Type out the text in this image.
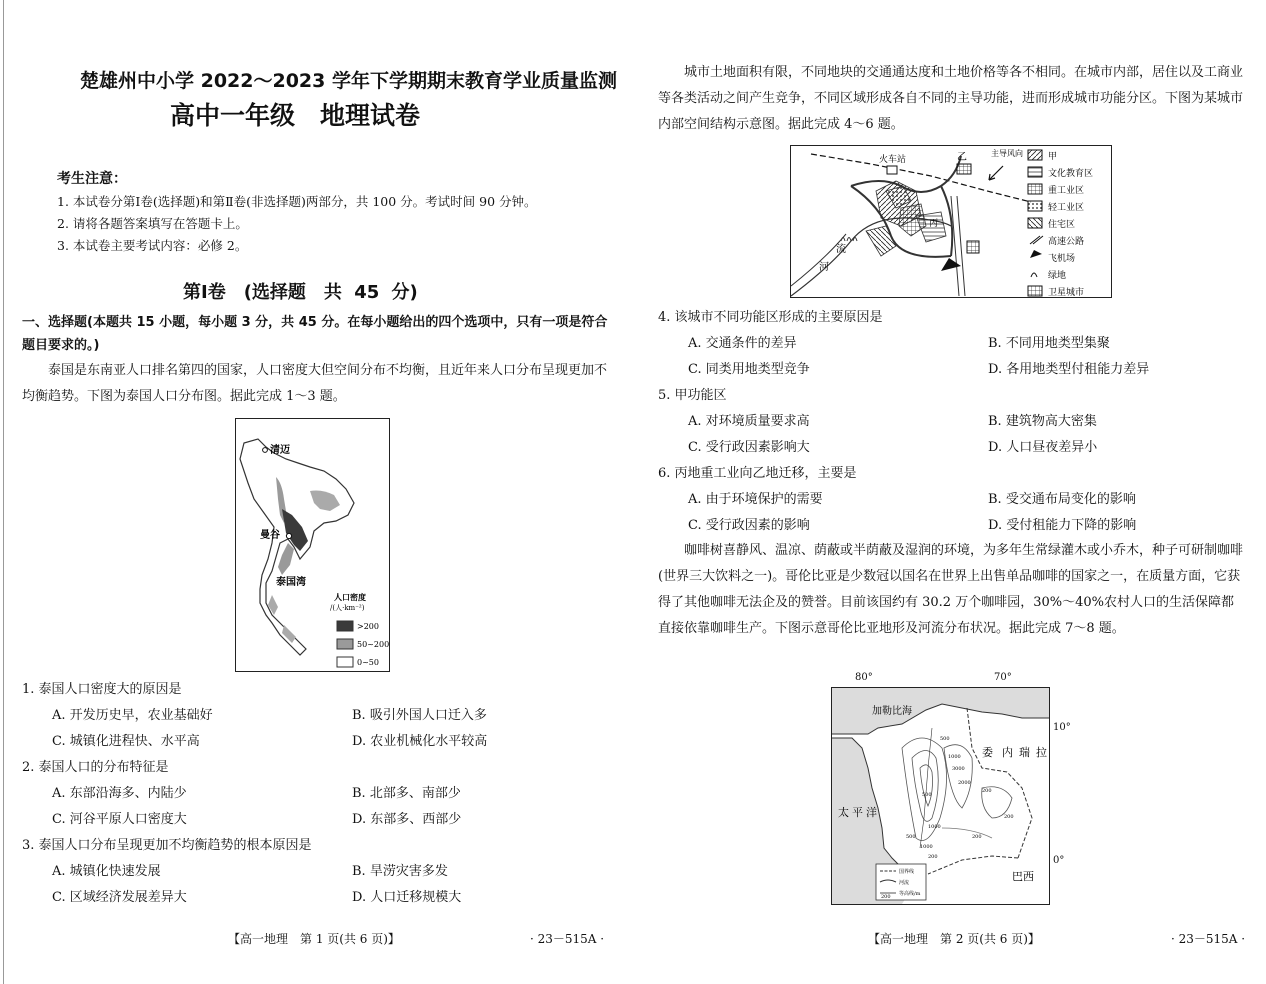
楚雄州中小学 2022～2023 学年下学期期末教育学业质量监测
高中一年级　地理试卷
考生注意：
1. 本试卷分第Ⅰ卷(选择题)和第Ⅱ卷(非选择题)两部分，共 100 分。考试时间 90 分钟。
2. 请将各题答案填写在答题卡上。
3. 本试卷主要考试内容：必修 2。
第Ⅰ卷　(选择题　共 45 分)
一、选择题(本题共 15 小题，每小题 3 分，共 45 分。在每小题给出的四个选项中，只有一项是符合题目要求的。)
泰国是东南亚人口排名第四的国家，人口密度大但空间分布不均衡，且近年来人口分布呈现更加不均衡趋势。下图为泰国人口分布图。据此完成 1～3 题。
清迈
曼谷
泰国湾
人口密度
/(人·km⁻²)
>200
50~200
0~50
1. 泰国人口密度大的原因是
A. 开发历史早，农业基础好	B. 吸引外国人口迁入多
C. 城镇化进程快、水平高	D. 农业机械化水平较高
2. 泰国人口的分布特征是
A. 东部沿海多、内陆少	B. 北部多、南部少
C. 河谷平原人口密度大	D. 东部多、西部少
3. 泰国人口分布呈现更加不均衡趋势的根本原因是
A. 城镇化快速发展	B. 旱涝灾害多发
C. 区域经济发展差异大	D. 人口迁移规模大
【高一地理　第 1 页(共 6 页)】	· 23－515A ·
城市土地面积有限，不同地块的交通通达度和土地价格等各不相同。在城市内部，居住以及工商业等各类活动之间产生竞争，不同区域形成各自不同的主导功能，进而形成城市功能分区。下图为某城市内部空间结构示意图。据此完成 4～6 题。
火车站	乙
丙
流
河
主导风向	甲
文化教育区
重工业区
轻工业区
住宅区
高速公路
飞机场
绿地
卫星城市
4. 该城市不同功能区形成的主要原因是
A. 交通条件的差异	B. 不同用地类型集聚
C. 同类用地类型竞争	D. 各用地类型付租能力差异
5. 甲功能区
A. 对环境质量要求高	B. 建筑物高大密集
C. 受行政因素影响大	D. 人口昼夜差异小
6. 丙地重工业向乙地迁移，主要是
A. 由于环境保护的需要	B. 受交通布局变化的影响
C. 受行政因素的影响	D. 受付租能力下降的影响
咖啡树喜静风、温凉、荫蔽或半荫蔽及湿润的环境，为多年生常绿灌木或小乔木，种子可研制咖啡(世界三大饮料之一)。哥伦比亚是少数冠以国名在世界上出售单品咖啡的国家之一，在质量方面，它获得了其他咖啡无法企及的赞誉。目前该国约有 30.2 万个咖啡园，30%～40%农村人口的生活保障都直接依靠咖啡生产。下图示意哥伦比亚地形及河流分布状况。据此完成 7～8 题。
80°	70°
10°
0°
加勒比海
委 内 瑞 拉
太 平 洋
巴西
500
1000
3000
2000
500
1000
200
200
200
500
1000
200
200
国界线
河流
等高线/m
【高一地理　第 2 页(共 6 页)】	· 23－515A ·
